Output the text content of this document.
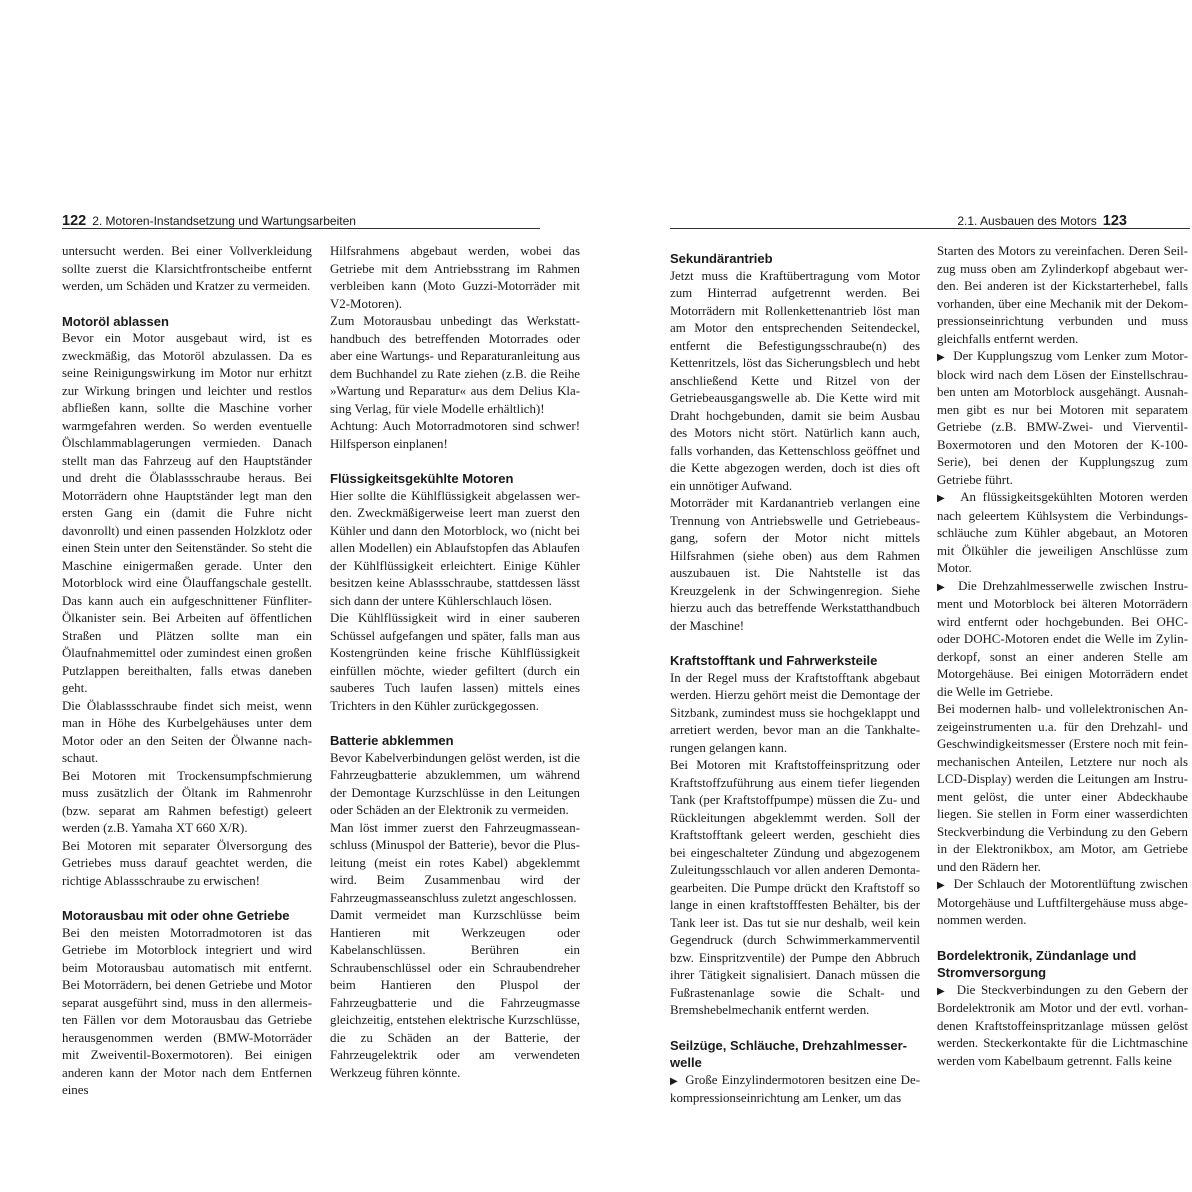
122 2. Motoren-Instandsetzung und Wartungsarbeiten	2.1. Ausbauen des Motors 123

untersucht werden. Bei einer Vollverkleidung sollte zuerst die Klarsichtfrontscheibe entfernt werden, um Schäden und Kratzer zu vermeiden.

Motoröl ablassen

Bevor ein Motor ausgebaut wird, ist es zweckmäßig, das Motoröl abzulassen. Da es seine Reinigungswirkung im Motor nur erhitzt zur Wirkung bringen und leichter und restlos abfließen kann, sollte die Maschine vorher warmgefahren werden. So werden eventuelle Ölschlammablagerungen vermieden. Danach stellt man das Fahrzeug auf den Hauptständer und dreht die Ölablassschraube heraus. Bei Motorrädern ohne Hauptständer legt man den ersten Gang ein (damit die Fuhre nicht davonrollt) und einen passenden Holzklotz oder einen Stein unter den Seitenständer. So steht die Maschine einigermaßen gerade. Unter den Motorblock wird eine Ölauffangschale gestellt. Das kann auch ein aufgeschnittener Fünfliter-Ölkanister sein. Bei Arbeiten auf öffentlichen Straßen und Plätzen sollte man ein Ölaufnahmemittel oder zumindest einen großen Putzlappen bereithalten, falls etwas daneben geht.

Die Ölablassschraube findet sich meist, wenn man in Höhe des Kurbelgehäuses unter dem Motor oder an den Seiten der Ölwanne nachschaut.

Bei Motoren mit Trockensumpfschmierung muss zusätzlich der Öltank im Rahmenrohr (bzw. separat am Rahmen befestigt) geleert werden (z.B. Yamaha XT 660 X/R).

Bei Motoren mit separater Ölversorgung des Getriebes muss darauf geachtet werden, die richtige Ablassschraube zu erwischen!

Motorausbau mit oder ohne Getriebe

Bei den meisten Motorradmotoren ist das Getriebe im Motorblock integriert und wird beim Motorausbau automatisch mit entfernt. Bei Motorrädern, bei denen Getriebe und Motor separat ausgeführt sind, muss in den allermeisten Fällen vor dem Motorausbau das Getriebe herausgenommen werden (BMW-Motorräder mit Zweiventil-Boxermotoren). Bei einigen anderen kann der Motor nach dem Entfernen eines

Hilfsrahmens abgebaut werden, wobei das Getriebe mit dem Antriebsstrang im Rahmen verbleiben kann (Moto Guzzi-Motorräder mit V2-Motoren).

Zum Motorausbau unbedingt das Werkstatthandbuch des betreffenden Motorrades oder aber eine Wartungs- und Reparaturanleitung aus dem Buchhandel zu Rate ziehen (z.B. die Reihe »Wartung und Reparatur« aus dem Delius Klasing Verlag, für viele Modelle erhältlich)!

Achtung: Auch Motorradmotoren sind schwer! Hilfsperson einplanen!

Flüssigkeitsgekühlte Motoren

Hier sollte die Kühlflüssigkeit abgelassen werden. Zweckmäßigerweise leert man zuerst den Kühler und dann den Motorblock, wo (nicht bei allen Modellen) ein Ablaufstopfen das Ablaufen der Kühlflüssigkeit erleichtert. Einige Kühler besitzen keine Ablassschraube, stattdessen lässt sich dann der untere Kühlerschlauch lösen.

Die Kühlflüssigkeit wird in einer sauberen Schüssel aufgefangen und später, falls man aus Kostengründen keine frische Kühlflüssigkeit einfüllen möchte, wieder gefiltert (durch ein sauberes Tuch laufen lassen) mittels eines Trichters in den Kühler zurückgegossen.

Batterie abklemmen

Bevor Kabelverbindungen gelöst werden, ist die Fahrzeugbatterie abzuklemmen, um während der Demontage Kurzschlüsse in den Leitungen oder Schäden an der Elektronik zu vermeiden.

Man löst immer zuerst den Fahrzeugmasseanschluss (Minuspol der Batterie), bevor die Plusleitung (meist ein rotes Kabel) abgeklemmt wird. Beim Zusammenbau wird der Fahrzeugmasseanschluss zuletzt angeschlossen.

Damit vermeidet man Kurzschlüsse beim Hantieren mit Werkzeugen oder Kabelanschlüssen. Berühren ein Schraubenschlüssel oder ein Schraubendreher beim Hantieren den Pluspol der Fahrzeugbatterie und die Fahrzeugmasse gleichzeitig, entstehen elektrische Kurzschlüsse, die zu Schäden an der Batterie, der Fahrzeugelektrik oder am verwendeten Werkzeug führen könnte.

Sekundärantrieb

Jetzt muss die Kraftübertragung vom Motor zum Hinterrad aufgetrennt werden. Bei Motorrädern mit Rollenkettenantrieb löst man am Motor den entsprechenden Seitendeckel, entfernt die Befestigungsschraube(n) des Kettenritzels, löst das Sicherungsblech und hebt anschließend Kette und Ritzel von der Getriebeausgangswelle ab. Die Kette wird mit Draht hochgebunden, damit sie beim Ausbau des Motors nicht stört. Natürlich kann auch, falls vorhanden, das Kettenschloss geöffnet und die Kette abgezogen werden, doch ist dies oft ein unnötiger Aufwand.

Motorräder mit Kardanantrieb verlangen eine Trennung von Antriebswelle und Getriebeausgang, sofern der Motor nicht mittels Hilfsrahmen (siehe oben) aus dem Rahmen auszubauen ist. Die Nahtstelle ist das Kreuzgelenk in der Schwingenregion. Siehe hierzu auch das betreffende Werkstatthandbuch der Maschine!

Kraftstofftank und Fahrwerksteile

In der Regel muss der Kraftstofftank abgebaut werden. Hierzu gehört meist die Demontage der Sitzbank, zumindest muss sie hochgeklappt und arretiert werden, bevor man an die Tankhalterungen gelangen kann.

Bei Motoren mit Kraftstoffeinspritzung oder Kraftstoffzuführung aus einem tiefer liegenden Tank (per Kraftstoffpumpe) müssen die Zu- und Rückleitungen abgeklemmt werden. Soll der Kraftstofftank geleert werden, geschieht dies bei eingeschalteter Zündung und abgezogenem Zuleitungsschlauch vor allen anderen Demontagearbeiten. Die Pumpe drückt den Kraftstoff so lange in einen kraftstofffesten Behälter, bis der Tank leer ist. Das tut sie nur deshalb, weil kein Gegendruck (durch Schwimmerkammerventil bzw. Einspritzventile) der Pumpe den Abbruch ihrer Tätigkeit signalisiert. Danach müssen die Fußrastenanlage sowie die Schalt- und Bremshebelmechanik entfernt werden.

Seilzüge, Schläuche, Drehzahlmesserwelle

▶  Große Einzylindermotoren besitzen eine Dekompressionseinrichtung am Lenker, um das

Starten des Motors zu vereinfachen. Deren Seilzug muss oben am Zylinderkopf abgebaut werden. Bei anderen ist der Kickstarterhebel, falls vorhanden, über eine Mechanik mit der Dekompressionseinrichtung verbunden und muss gleichfalls entfernt werden.

▶  Der Kupplungszug vom Lenker zum Motorblock wird nach dem Lösen der Einstellschrauben unten am Motorblock ausgehängt. Ausnahmen gibt es nur bei Motoren mit separatem Getriebe (z.B. BMW-Zwei- und Vierventil-Boxermotoren und den Motoren der K-100-Serie), bei denen der Kupplungszug zum Getriebe führt.

▶  An flüssigkeitsgekühlten Motoren werden nach geleertem Kühlsystem die Verbindungsschläuche zum Kühler abgebaut, an Motoren mit Ölkühler die jeweiligen Anschlüsse zum Motor.

▶  Die Drehzahlmesserwelle zwischen Instrument und Motorblock bei älteren Motorrädern wird entfernt oder hochgebunden. Bei OHC- oder DOHC-Motoren endet die Welle im Zylinderkopf, sonst an einer anderen Stelle am Motorgehäuse. Bei einigen Motorrädern endet die Welle im Getriebe.

Bei modernen halb- und vollelektronischen Anzeigeinstrumenten u.a. für den Drehzahl- und Geschwindigkeitsmesser (Erstere noch mit feinmechanischen Anteilen, Letztere nur noch als LCD-Display) werden die Leitungen am Instrument gelöst, die unter einer Abdeckhaube liegen. Sie stellen in Form einer wasserdichten Steckverbindung die Verbindung zu den Gebern in der Elektronikbox, am Motor, am Getriebe und den Rädern her.

▶  Der Schlauch der Motorentlüftung zwischen Motorgehäuse und Luftfiltergehäuse muss abgenommen werden.

Bordelektronik, Zündanlage und Stromversorgung

▶  Die Steckverbindungen zu den Gebern der Bordelektronik am Motor und der evtl. vorhandenen Kraftstoffeinspritzanlage müssen gelöst werden. Steckerkontakte für die Lichtmaschine werden vom Kabelbaum getrennt. Falls keine
